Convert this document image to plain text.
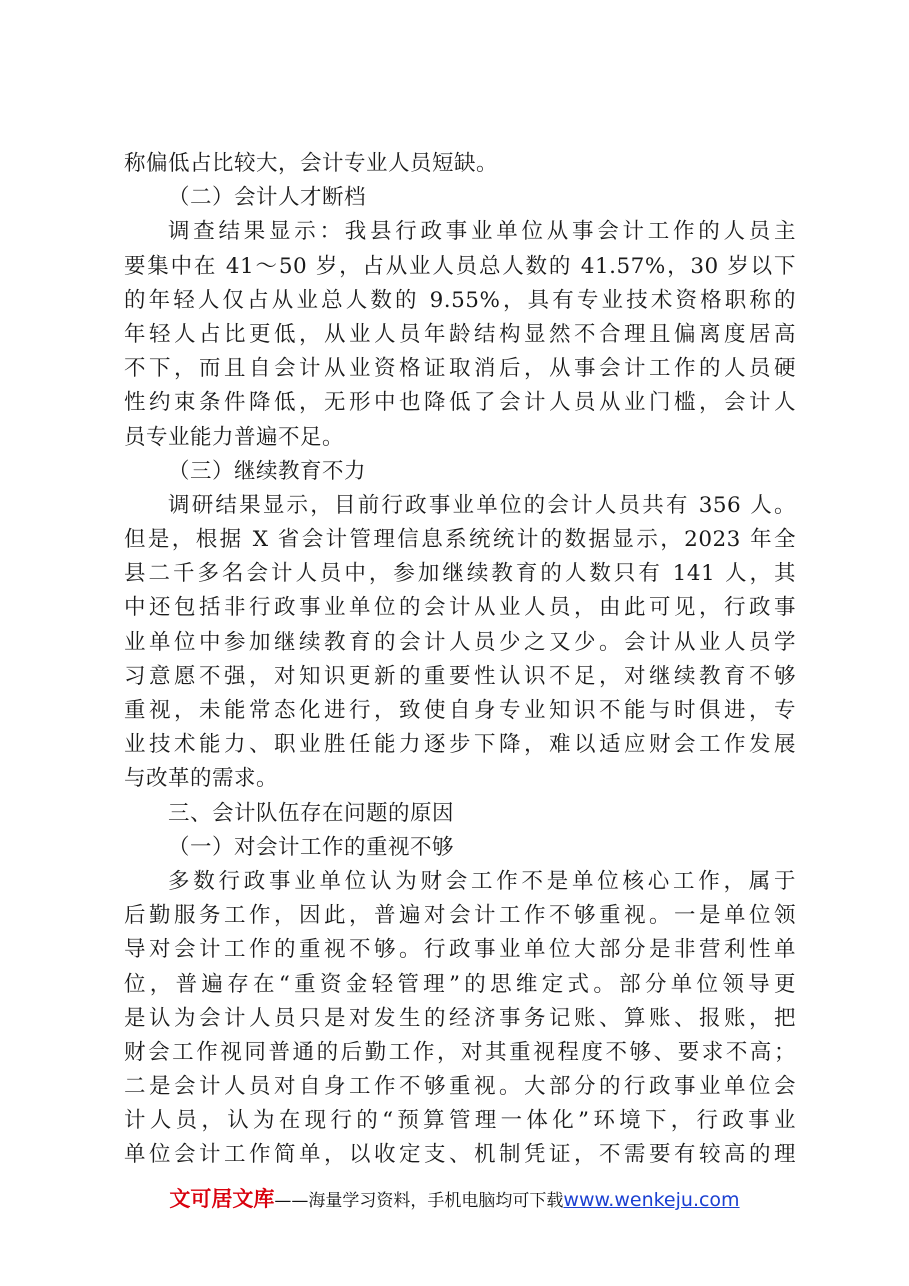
称偏低占比较大，会计专业人员短缺。
（二）会计人才断档
调查结果显示：我县行政事业单位从事会计工作的人员主
要集中在 41～50 岁，占从业人员总人数的 41.57%，30 岁以下
的年轻人仅占从业总人数的 9.55%，具有专业技术资格职称的
年轻人占比更低，从业人员年龄结构显然不合理且偏离度居高
不下，而且自会计从业资格证取消后，从事会计工作的人员硬
性约束条件降低，无形中也降低了会计人员从业门槛，会计人
员专业能力普遍不足。
（三）继续教育不力
调研结果显示，目前行政事业单位的会计人员共有 356 人。
但是，根据 X 省会计管理信息系统统计的数据显示，2023 年全
县二千多名会计人员中，参加继续教育的人数只有 141 人，其
中还包括非行政事业单位的会计从业人员，由此可见，行政事
业单位中参加继续教育的会计人员少之又少。会计从业人员学
习意愿不强，对知识更新的重要性认识不足，对继续教育不够
重视，未能常态化进行，致使自身专业知识不能与时俱进，专
业技术能力、职业胜任能力逐步下降，难以适应财会工作发展
与改革的需求。
三、会计队伍存在问题的原因
（一）对会计工作的重视不够
多数行政事业单位认为财会工作不是单位核心工作，属于
后勤服务工作，因此，普遍对会计工作不够重视。一是单位领
导对会计工作的重视不够。行政事业单位大部分是非营利性单
位，普遍存在“重资金轻管理”的思维定式。部分单位领导更
是认为会计人员只是对发生的经济事务记账、算账、报账，把
财会工作视同普通的后勤工作，对其重视程度不够、要求不高；
二是会计人员对自身工作不够重视。大部分的行政事业单位会
计人员，认为在现行的“预算管理一体化”环境下，行政事业
单位会计工作简单，以收定支、机制凭证，不需要有较高的理
文可居文库——海量学习资料，手机电脑均可下载www.wenkeju.com
